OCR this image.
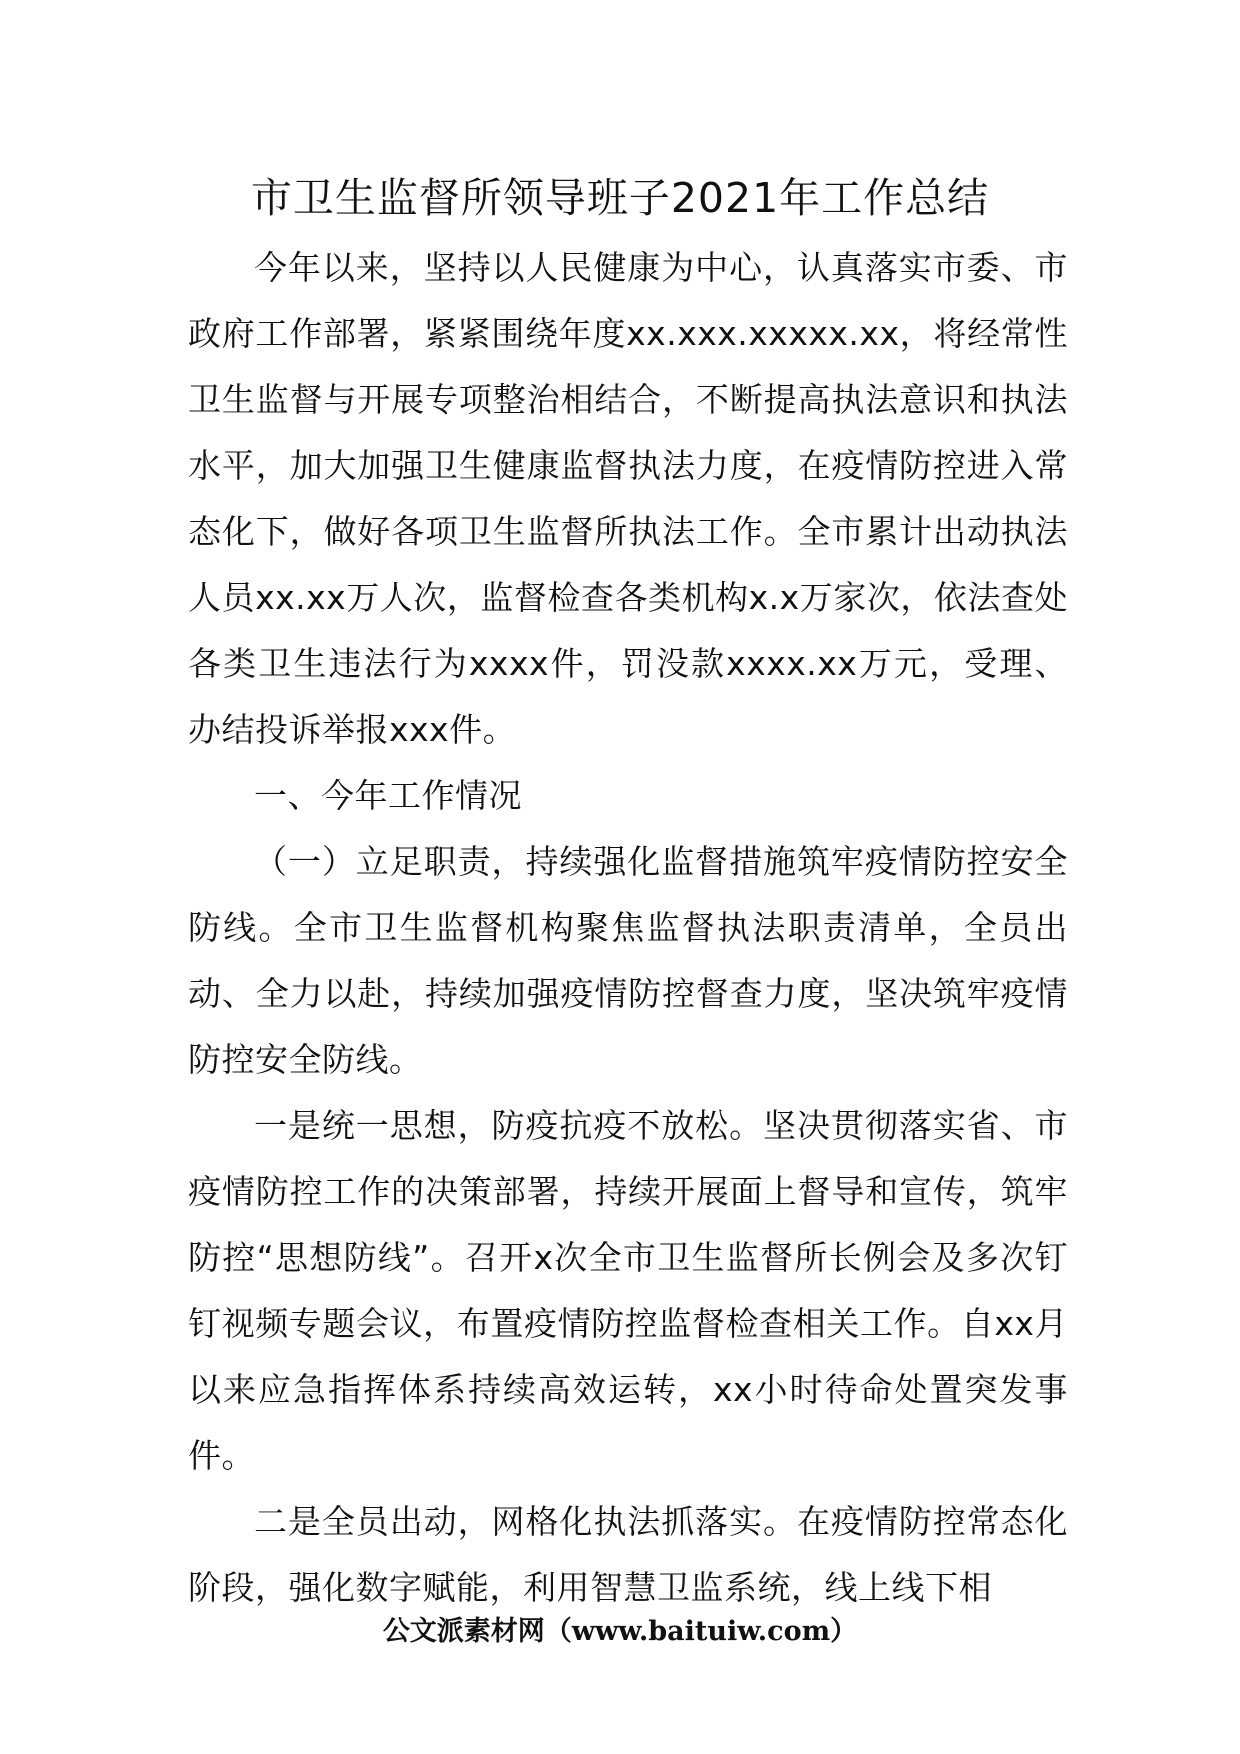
市卫生监督所领导班子2021年工作总结

今年以来，坚持以人民健康为中心，认真落实市委、市政府工作部署，紧紧围绕年度xx.xxx.xxxxx.xx，将经常性卫生监督与开展专项整治相结合，不断提高执法意识和执法水平，加大加强卫生健康监督执法力度，在疫情防控进入常态化下，做好各项卫生监督所执法工作。全市累计出动执法人员xx.xx万人次，监督检查各类机构x.x万家次，依法查处各类卫生违法行为xxxx件，罚没款xxxx.xx万元，受理、办结投诉举报xxx件。

一、今年工作情况

（一）立足职责，持续强化监督措施筑牢疫情防控安全防线。全市卫生监督机构聚焦监督执法职责清单，全员出动、全力以赴，持续加强疫情防控督查力度，坚决筑牢疫情防控安全防线。

一是统一思想，防疫抗疫不放松。坚决贯彻落实省、市疫情防控工作的决策部署，持续开展面上督导和宣传，筑牢防控“思想防线”。召开x次全市卫生监督所长例会及多次钉钉视频专题会议，布置疫情防控监督检查相关工作。自xx月以来应急指挥体系持续高效运转，xx小时待命处置突发事件。

二是全员出动，网格化执法抓落实。在疫情防控常态化阶段，强化数字赋能，利用智慧卫监系统，线上线下相

公文派素材网（www.baituiw.com）
